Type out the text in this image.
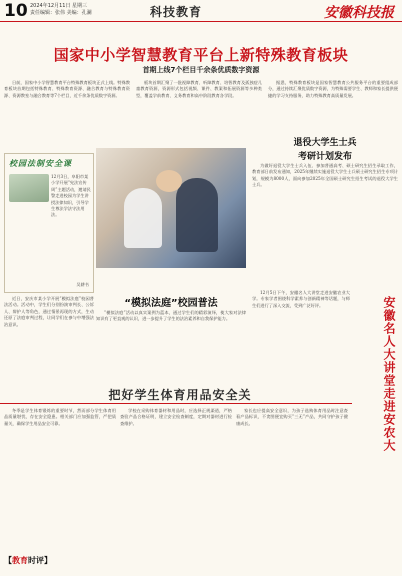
10 2024年12月11日 星期三
责任编辑：张伟 美编：孔澜	科技教育	安徽科技报
国家中小学智慧教育平台上新特殊教育板块
首期上线7个栏目千余条优质数字资源

日前，国家中小学智慧教育平台特殊教育板块正式上线。特殊教育板块首期包括特殊教育、特殊教育资源、融合教育与特殊教育资源、资源教室与融合教育等7个栏目，近千余条优质数字资源。

板块首期汇聚了一批视障教育、听障教育、培智教育及孤独症儿童教育资源，资源形式包括视频、课件、教案和拓展资源等多种类型，覆盖学前教育、义务教育和高中阶段教育各学段。

据悉，特殊教育板块是国家智慧教育公共服务平台的重要组成部分，通过持续汇聚优质数字资源，为特殊需要学生、教师和家长提供便捷的学习支持服务，助力特殊教育高质量发展。

校园法制安全课
12月3日，阜阳市某小学开展“宪法宣传周”主题活动，邀请民警走进校园为学生讲授法律知识，引导学生尊法学法守法用法。
吴耕书
退役大学生士兵
考研计划发布

为做好退役大学生士兵入伍、参加普通高考、硕士研究生招生录取工作，教育部日前发布通知，2025年继续实施退役大学生士兵硕士研究生招生专项计划，规模为8000人，面向参加2025年全国硕士研究生招生考试的退役大学生士兵。

“模拟法庭”校园普法

近日，安庆市某小学开展“模拟法庭”校园普法活动。活动中，学生们分别扮演审判长、公诉人、辩护人等角色，通过情景再现的方式，生动还原了法庭审判过程，让同学们在参与中增强法治意识。

“模拟法庭”活动以真实案例为蓝本，通过学生们的精彩演绎，使大家对法律知识有了更直观的认识，进一步提升了学生的法治素养和自我保护能力。	安徽名人大讲堂走进安农大

12月5日下午，安徽名人大讲堂走进安徽农业大学。专家学者围绕科学素养与创新精神等话题，与师生们进行了深入交流，受到广泛好评。

把好学生体育用品安全关

冬季是学生体育锻炼的重要时节，然而部分学生体育用品质量堪忧，存在安全隐患。相关部门应加强监管，严把质量关，确保学生用品安全可靠。

学校在采购体育器材和用品时，应选择正规渠道，严格查验产品合格证明，建立安全检查制度，定期对器材进行检查维护。

家长也应提高安全意识，为孩子选购体育用品时注意查看产品标识，不贪图便宜购买“三无”产品，共同守护孩子健康成长。

【教育时评】
